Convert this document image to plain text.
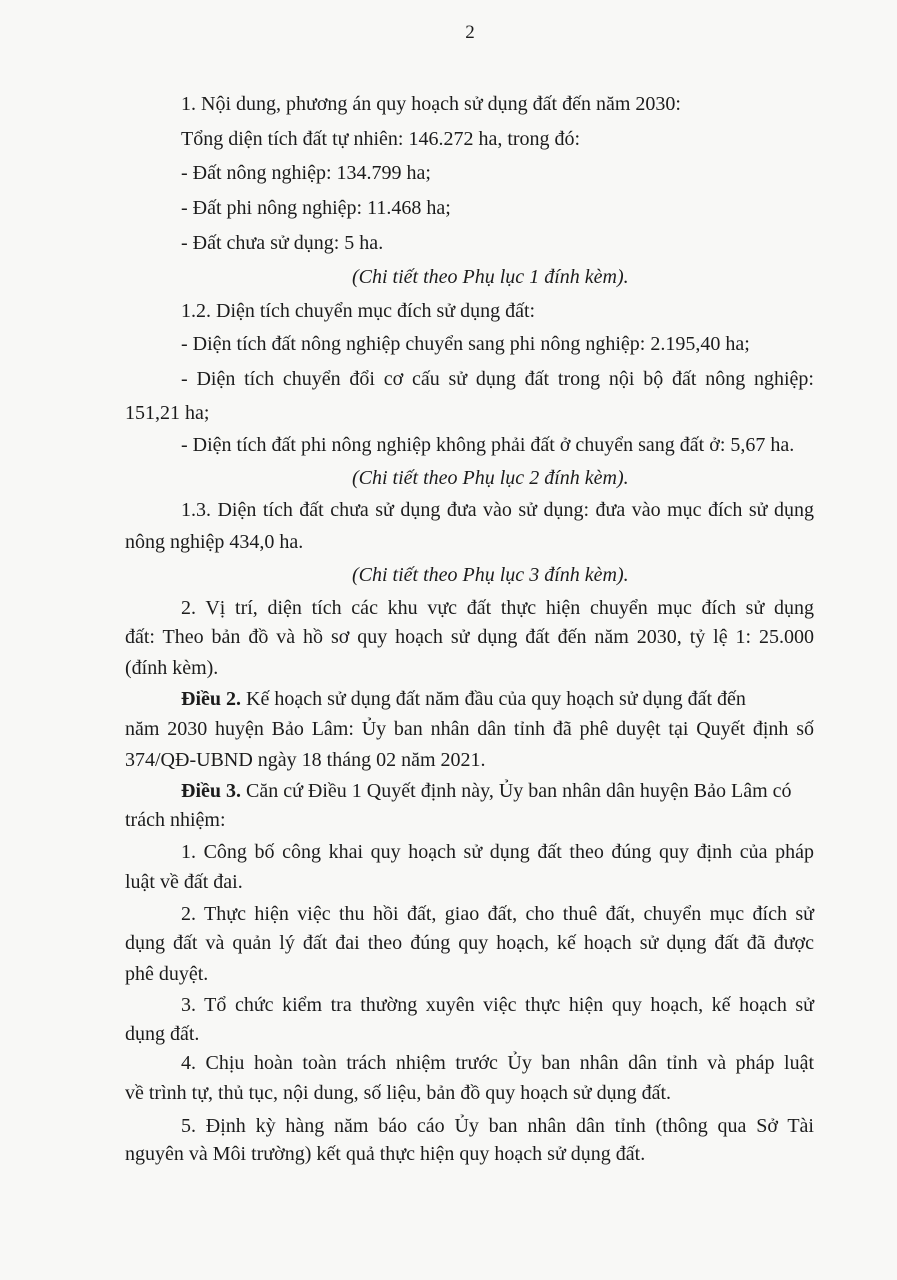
2

1. Nội dung, phương án quy hoạch sử dụng đất đến năm 2030:

Tổng diện tích đất tự nhiên: 146.272 ha, trong đó:

- Đất nông nghiệp: 134.799 ha;

- Đất phi nông nghiệp: 11.468 ha;

- Đất chưa sử dụng: 5 ha.

(Chi tiết theo Phụ lục 1 đính kèm).

1.2. Diện tích chuyển mục đích sử dụng đất:

- Diện tích đất nông nghiệp chuyển sang phi nông nghiệp: 2.195,40 ha;

- Diện tích chuyển đổi cơ cấu sử dụng đất trong nội bộ đất nông nghiệp:

151,21 ha;

- Diện tích đất phi nông nghiệp không phải đất ở chuyển sang đất ở: 5,67 ha.

(Chi tiết theo Phụ lục 2 đính kèm).

1.3. Diện tích đất chưa sử dụng đưa vào sử dụng: đưa vào mục đích sử dụng

nông nghiệp 434,0 ha.

(Chi tiết theo Phụ lục 3 đính kèm).

2. Vị trí, diện tích các khu vực đất thực hiện chuyển mục đích sử dụng

đất: Theo bản đồ và hồ sơ quy hoạch sử dụng đất đến năm 2030, tỷ lệ 1: 25.000

(đính kèm).

Điều 2. Kế hoạch sử dụng đất năm đầu của quy hoạch sử dụng đất đến

năm 2030 huyện Bảo Lâm: Ủy ban nhân dân tỉnh đã phê duyệt tại Quyết định số

374/QĐ-UBND ngày 18 tháng 02 năm 2021.

Điều 3. Căn cứ Điều 1 Quyết định này, Ủy ban nhân dân huyện Bảo Lâm có

trách nhiệm:

1. Công bố công khai quy hoạch sử dụng đất theo đúng quy định của pháp

luật về đất đai.

2. Thực hiện việc thu hồi đất, giao đất, cho thuê đất, chuyển mục đích sử

dụng đất và quản lý đất đai theo đúng quy hoạch, kế hoạch sử dụng đất đã được

phê duyệt.

3. Tổ chức kiểm tra thường xuyên việc thực hiện quy hoạch, kế hoạch sử

dụng đất.

4. Chịu hoàn toàn trách nhiệm trước Ủy ban nhân dân tỉnh và pháp luật

về trình tự, thủ tục, nội dung, số liệu, bản đồ quy hoạch sử dụng đất.

5. Định kỳ hàng năm báo cáo Ủy ban nhân dân tỉnh (thông qua Sở Tài

nguyên và Môi trường) kết quả thực hiện quy hoạch sử dụng đất.
